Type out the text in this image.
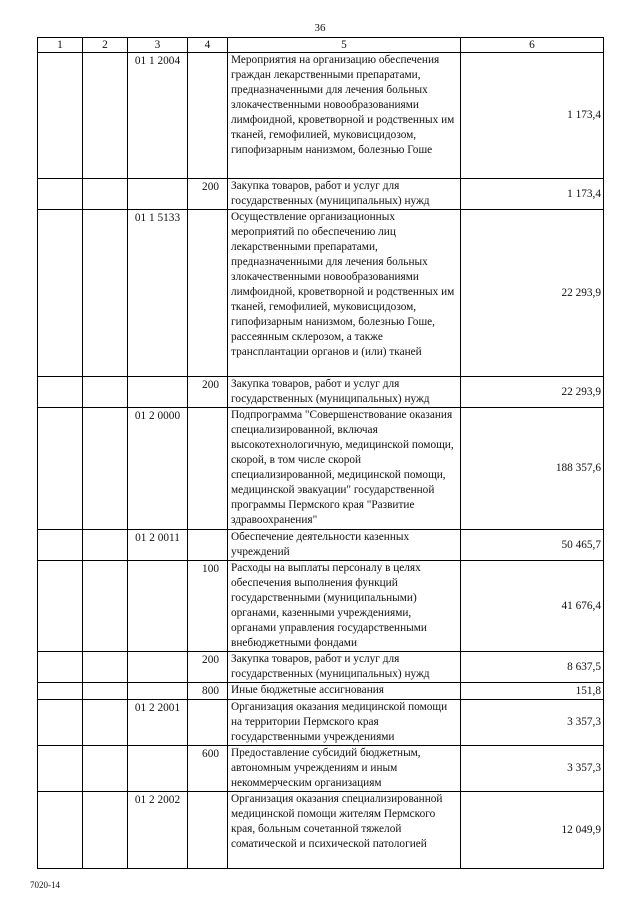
36
1	2	3	4	5	6
		01 1 2004		Мероприятия на организацию обеспечения граждан лекарственными препаратами, предназначенными для лечения больных злокачественными новообразованиями лимфоидной, кроветворной и родственных им тканей, гемофилией, муковисцидозом, гипофизарным нанизмом, болезнью Гоше	1 173,4
			200	Закупка товаров, работ и услуг для государственных (муниципальных) нужд	1 173,4
		01 1 5133		Осуществление организационных мероприятий по обеспечению лиц лекарственными препаратами, предназначенными для лечения больных злокачественными новообразованиями лимфоидной, кроветворной и родственных им тканей, гемофилией, муковисцидозом, гипофизарным нанизмом, болезнью Гоше, рассеянным склерозом, а также трансплантации органов и (или) тканей	22 293,9
			200	Закупка товаров, работ и услуг для государственных (муниципальных) нужд	22 293,9
		01 2 0000		Подпрограмма "Совершенствование оказания специализированной, включая высокотехнологичную, медицинской помощи, скорой, в том числе скорой специализированной, медицинской помощи, медицинской эвакуации" государственной программы Пермского края "Развитие здравоохранения"	188 357,6
		01 2 0011		Обеспечение деятельности казенных учреждений	50 465,7
			100	Расходы на выплаты персоналу в целях обеспечения выполнения функций государственными (муниципальными) органами, казенными учреждениями, органами управления государственными внебюджетными фондами	41 676,4
			200	Закупка товаров, работ и услуг для государственных (муниципальных) нужд	8 637,5
			800	Иные бюджетные ассигнования	151,8
		01 2 2001		Организация оказания медицинской помощи на территории Пермского края государственными учреждениями	3 357,3
			600	Предоставление субсидий бюджетным, автономным учреждениям и иным некоммерческим организациям	3 357,3
		01 2 2002		Организация оказания специализированной медицинской помощи жителям Пермского края, больным сочетанной тяжелой соматической и психической патологией	12 049,9
7020-14
